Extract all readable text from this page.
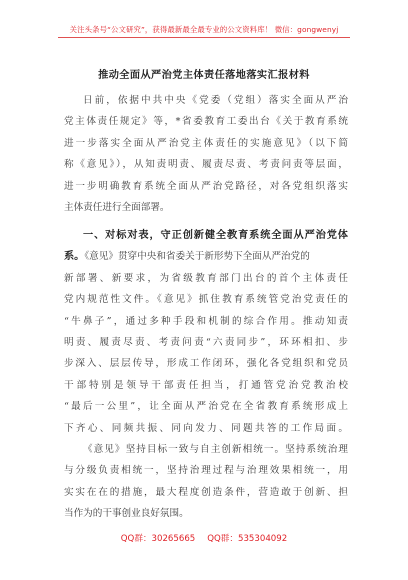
关注头条号“公文研究”，获得最新最全最专业的公文资料库！ 微信：gongwenyj
推动全面从严治党主体责任落地落实汇报材料
日前，依据中共中央《党委（党组）落实全面从严治
党主体责任规定》等，*省委教育工委出台《关于教育系统
进一步落实全面从严治党主体责任的实施意见》（以下简
称《意见》），从知责明责、履责尽责、考责问责等层面，
进一步明确教育系统全面从严治党路径，对各党组织落实
主体责任进行全面部署。
一、对标对表，守正创新健全教育系统全面从严治党体
系。《意见》贯穿中央和省委关于新形势下全面从严治党的
新部署、新要求，为省级教育部门出台的首个主体责任
党内规范性文件。《意见》抓住教育系统管党治党责任的
“牛鼻子”，通过多种手段和机制的综合作用。推动知责
明责、履责尽责、考责问责“六责同步”，环环相扣、步
步深入、层层传导，形成工作闭环，强化各党组织和党员
干部特别是领导干部责任担当，打通管党治党教治校
“最后一公里”，让全面从严治党在全省教育系统形成上
下齐心、同频共振、同向发力、同题共答的工作局面。
《意见》坚持目标一致与自主创新相统一。坚持系统治理
与分级负责相统一，坚持治理过程与治理效果相统一，用
实实在在的措施，最大程度创造条件，营造敢于创新、担
当作为的干事创业良好氛围。
QQ群：30265665 QQ群：535304092
